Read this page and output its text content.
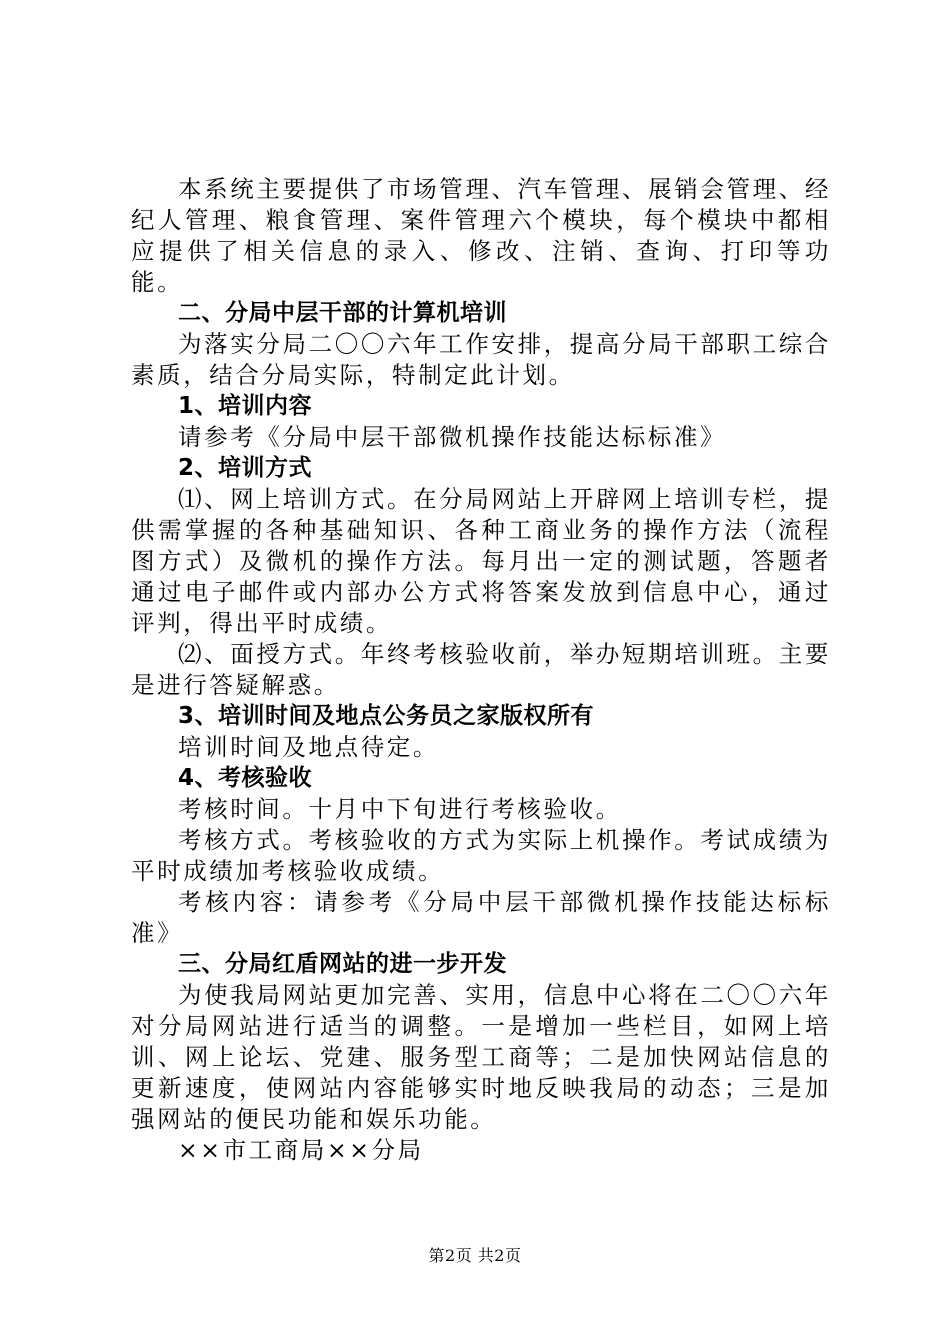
本系统主要提供了市场管理、汽车管理、展销会管理、经纪人管理、粮食管理、案件管理六个模块，每个模块中都相应提供了相关信息的录入、修改、注销、查询、打印等功能。

二、分局中层干部的计算机培训

为落实分局二〇〇六年工作安排，提高分局干部职工综合素质，结合分局实际，特制定此计划。

1、培训内容

请参考《分局中层干部微机操作技能达标标准》

2、培训方式

⑴、网上培训方式。在分局网站上开辟网上培训专栏，提供需掌握的各种基础知识、各种工商业务的操作方法（流程图方式）及微机的操作方法。每月出一定的测试题，答题者通过电子邮件或内部办公方式将答案发放到信息中心，通过评判，得出平时成绩。

⑵、面授方式。年终考核验收前，举办短期培训班。主要是进行答疑解惑。

3、培训时间及地点公务员之家版权所有

培训时间及地点待定。

4、考核验收

考核时间。十月中下旬进行考核验收。

考核方式。考核验收的方式为实际上机操作。考试成绩为平时成绩加考核验收成绩。

考核内容：请参考《分局中层干部微机操作技能达标标准》

三、分局红盾网站的进一步开发

为使我局网站更加完善、实用，信息中心将在二〇〇六年对分局网站进行适当的调整。一是增加一些栏目，如网上培训、网上论坛、党建、服务型工商等；二是加快网站信息的更新速度，使网站内容能够实时地反映我局的动态；三是加强网站的便民功能和娱乐功能。

××市工商局××分局

第2页 共2页
